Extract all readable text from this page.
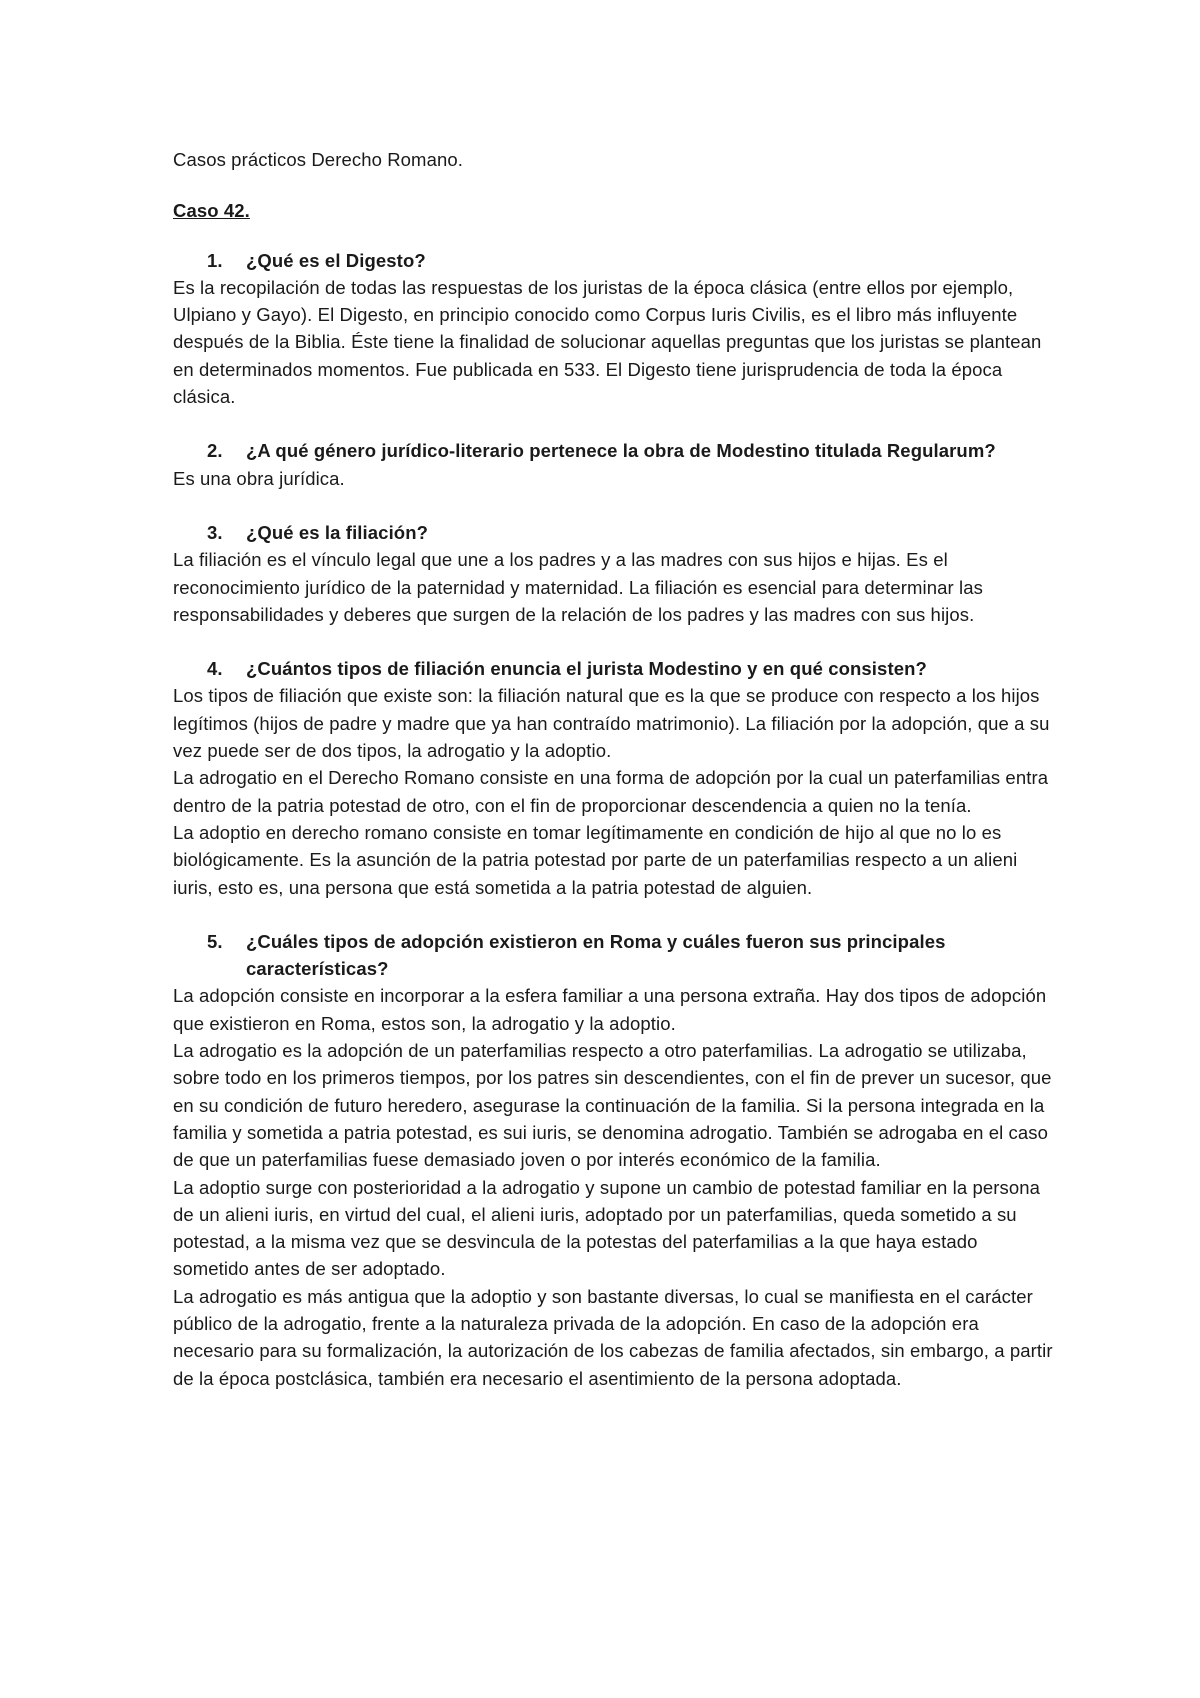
Casos prácticos Derecho Romano.
Caso 42.
1. ¿Qué es el Digesto?

Es la recopilación de todas las respuestas de los juristas de la época clásica (entre ellos por ejemplo, Ulpiano y Gayo). El Digesto, en principio conocido como Corpus Iuris Civilis, es el libro más influyente después de la Biblia. Éste tiene la finalidad de solucionar aquellas preguntas que los juristas se plantean en determinados momentos. Fue publicada en 533. El Digesto tiene jurisprudencia de toda la época clásica.

2. ¿A qué género jurídico-literario pertenece la obra de Modestino titulada Regularum?

Es una obra jurídica.

3. ¿Qué es la filiación?

La filiación es el vínculo legal que une a los padres y a las madres con sus hijos e hijas. Es el reconocimiento jurídico de la paternidad y maternidad. La filiación es esencial para determinar las responsabilidades y deberes que surgen de la relación de los padres y las madres con sus hijos.

4. ¿Cuántos tipos de filiación enuncia el jurista Modestino y en qué consisten?

Los tipos de filiación que existe son: la filiación natural que es la que se produce con respecto a los hijos legítimos (hijos de padre y madre que ya han contraído matrimonio). La filiación por la adopción, que a su vez puede ser de dos tipos, la adrogatio y la adoptio.

La adrogatio en el Derecho Romano consiste en una forma de adopción por la cual un paterfamilias entra dentro de la patria potestad de otro, con el fin de proporcionar descendencia a quien no la tenía.

La adoptio en derecho romano consiste en tomar legítimamente en condición de hijo al que no lo es biológicamente. Es la asunción de la patria potestad por parte de un paterfamilias respecto a un alieni iuris, esto es, una persona que está sometida a la patria potestad de alguien.

5. ¿Cuáles tipos de adopción existieron en Roma y cuáles fueron sus principales características?

La adopción consiste en incorporar a la esfera familiar a una persona extraña. Hay dos tipos de adopción que existieron en Roma, estos son, la adrogatio y la adoptio.

La adrogatio es la adopción de un paterfamilias respecto a otro paterfamilias. La adrogatio se utilizaba, sobre todo en los primeros tiempos, por los patres sin descendientes, con el fin de prever un sucesor, que en su condición de futuro heredero, asegurase la continuación de la familia. Si la persona integrada en la familia y sometida a patria potestad, es sui iuris, se denomina adrogatio. También se adrogaba en el caso de que un paterfamilias fuese demasiado joven o por interés económico de la familia.

La adoptio surge con posterioridad a la adrogatio y supone un cambio de potestad familiar en la persona de un alieni iuris, en virtud del cual, el alieni iuris, adoptado por un paterfamilias, queda sometido a su potestad, a la misma vez que se desvincula de la potestas del paterfamilias a la que haya estado sometido antes de ser adoptado.

La adrogatio es más antigua que la adoptio y son bastante diversas, lo cual se manifiesta en el carácter público de la adrogatio, frente a la naturaleza privada de la adopción. En caso de la adopción era necesario para su formalización, la autorización de los cabezas de familia afectados, sin embargo, a partir de la época postclásica, también era necesario el asentimiento de la persona adoptada.
